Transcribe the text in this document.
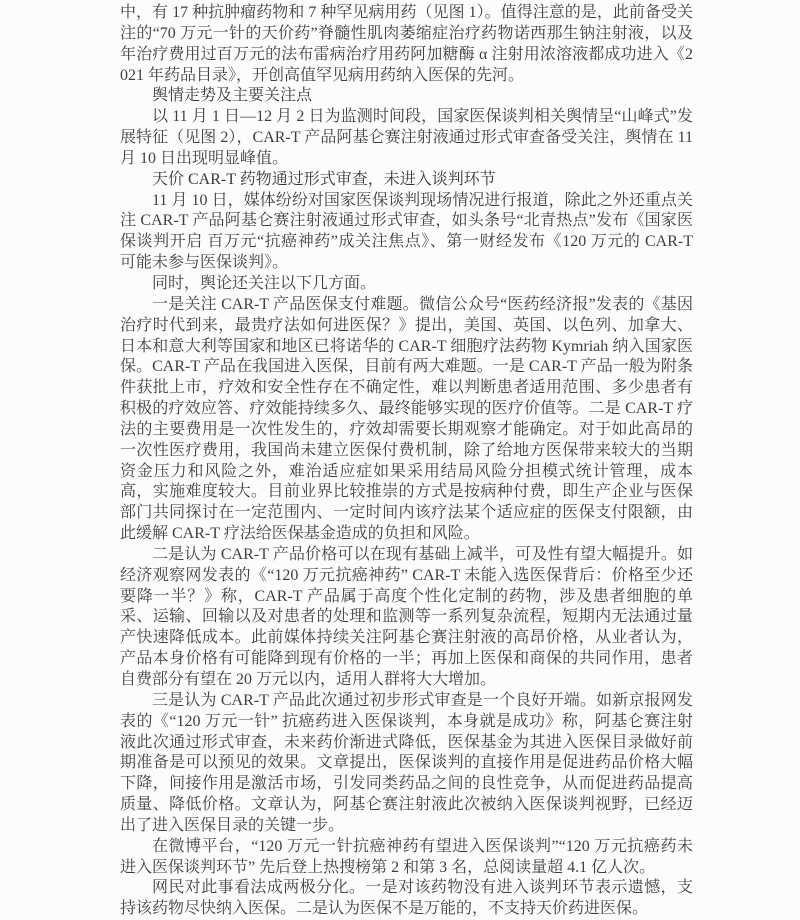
中，有 17 种抗肿瘤药物和 7 种罕见病用药（见图 1）。值得注意的是，此前备受关注的“70 万元一针的天价药”脊髓性肌肉萎缩症治疗药物诺西那生钠注射液，以及年治疗费用过百万元的法布雷病治疗用药阿加糖酶 α 注射用浓溶液都成功进入《2021 年药品目录》，开创高值罕见病用药纳入医保的先河。

舆情走势及主要关注点

以 11 月 1 日—12 月 2 日为监测时间段，国家医保谈判相关舆情呈“山峰式”发展特征（见图 2），CAR-T 产品阿基仑赛注射液通过形式审查备受关注，舆情在 11 月 10 日出现明显峰值。

天价 CAR-T 药物通过形式审查，未进入谈判环节

11 月 10 日，媒体纷纷对国家医保谈判现场情况进行报道，除此之外还重点关注 CAR-T 产品阿基仑赛注射液通过形式审查，如头条号“北青热点”发布《国家医保谈判开启 百万元“抗癌神药”成关注焦点》、第一财经发布《120 万元的 CAR-T 可能未参与医保谈判》。

同时，舆论还关注以下几方面。

一是关注 CAR-T 产品医保支付难题。微信公众号“医药经济报”发表的《基因治疗时代到来，最贵疗法如何进医保？》提出，美国、英国、以色列、加拿大、日本和意大利等国家和地区已将诺华的 CAR-T 细胞疗法药物 Kymriah 纳入国家医保。CAR-T 产品在我国进入医保，目前有两大难题。一是 CAR-T 产品一般为附条件获批上市，疗效和安全性存在不确定性，难以判断患者适用范围、多少患者有积极的疗效应答、疗效能持续多久、最终能够实现的医疗价值等。二是 CAR-T 疗法的主要费用是一次性发生的，疗效却需要长期观察才能确定。对于如此高昂的一次性医疗费用，我国尚未建立医保付费机制，除了给地方医保带来较大的当期资金压力和风险之外，难治适应症如果采用结局风险分担模式统计管理，成本高，实施难度较大。目前业界比较推崇的方式是按病种付费，即生产企业与医保部门共同探讨在一定范围内、一定时间内该疗法某个适应症的医保支付限额，由此缓解 CAR-T 疗法给医保基金造成的负担和风险。

二是认为 CAR-T 产品价格可以在现有基础上减半，可及性有望大幅提升。如经济观察网发表的《“120 万元抗癌神药” CAR-T 未能入选医保背后：价格至少还要降一半？》称，CAR-T 产品属于高度个性化定制的药物，涉及患者细胞的单采、运输、回输以及对患者的处理和监测等一系列复杂流程，短期内无法通过量产快速降低成本。此前媒体持续关注阿基仑赛注射液的高昂价格，从业者认为，产品本身价格有可能降到现有价格的一半；再加上医保和商保的共同作用，患者自费部分有望在 20 万元以内，适用人群将大大增加。

三是认为 CAR-T 产品此次通过初步形式审查是一个良好开端。如新京报网发表的《“120 万元一针” 抗癌药进入医保谈判，本身就是成功》称，阿基仑赛注射液此次通过形式审查，未来药价渐进式降低，医保基金为其进入医保目录做好前期准备是可以预见的效果。文章提出，医保谈判的直接作用是促进药品价格大幅下降，间接作用是激活市场，引发同类药品之间的良性竞争，从而促进药品提高质量、降低价格。文章认为，阿基仑赛注射液此次被纳入医保谈判视野，已经迈出了进入医保目录的关键一步。

在微博平台，“120 万元一针抗癌神药有望进入医保谈判”“120 万元抗癌药未进入医保谈判环节” 先后登上热搜榜第 2 和第 3 名，总阅读量超 4.1 亿人次。

网民对此事看法成两极分化。一是对该药物没有进入谈判环节表示遗憾，支持该药物尽快纳入医保。二是认为医保不是万能的，不支持天价药进医保。
